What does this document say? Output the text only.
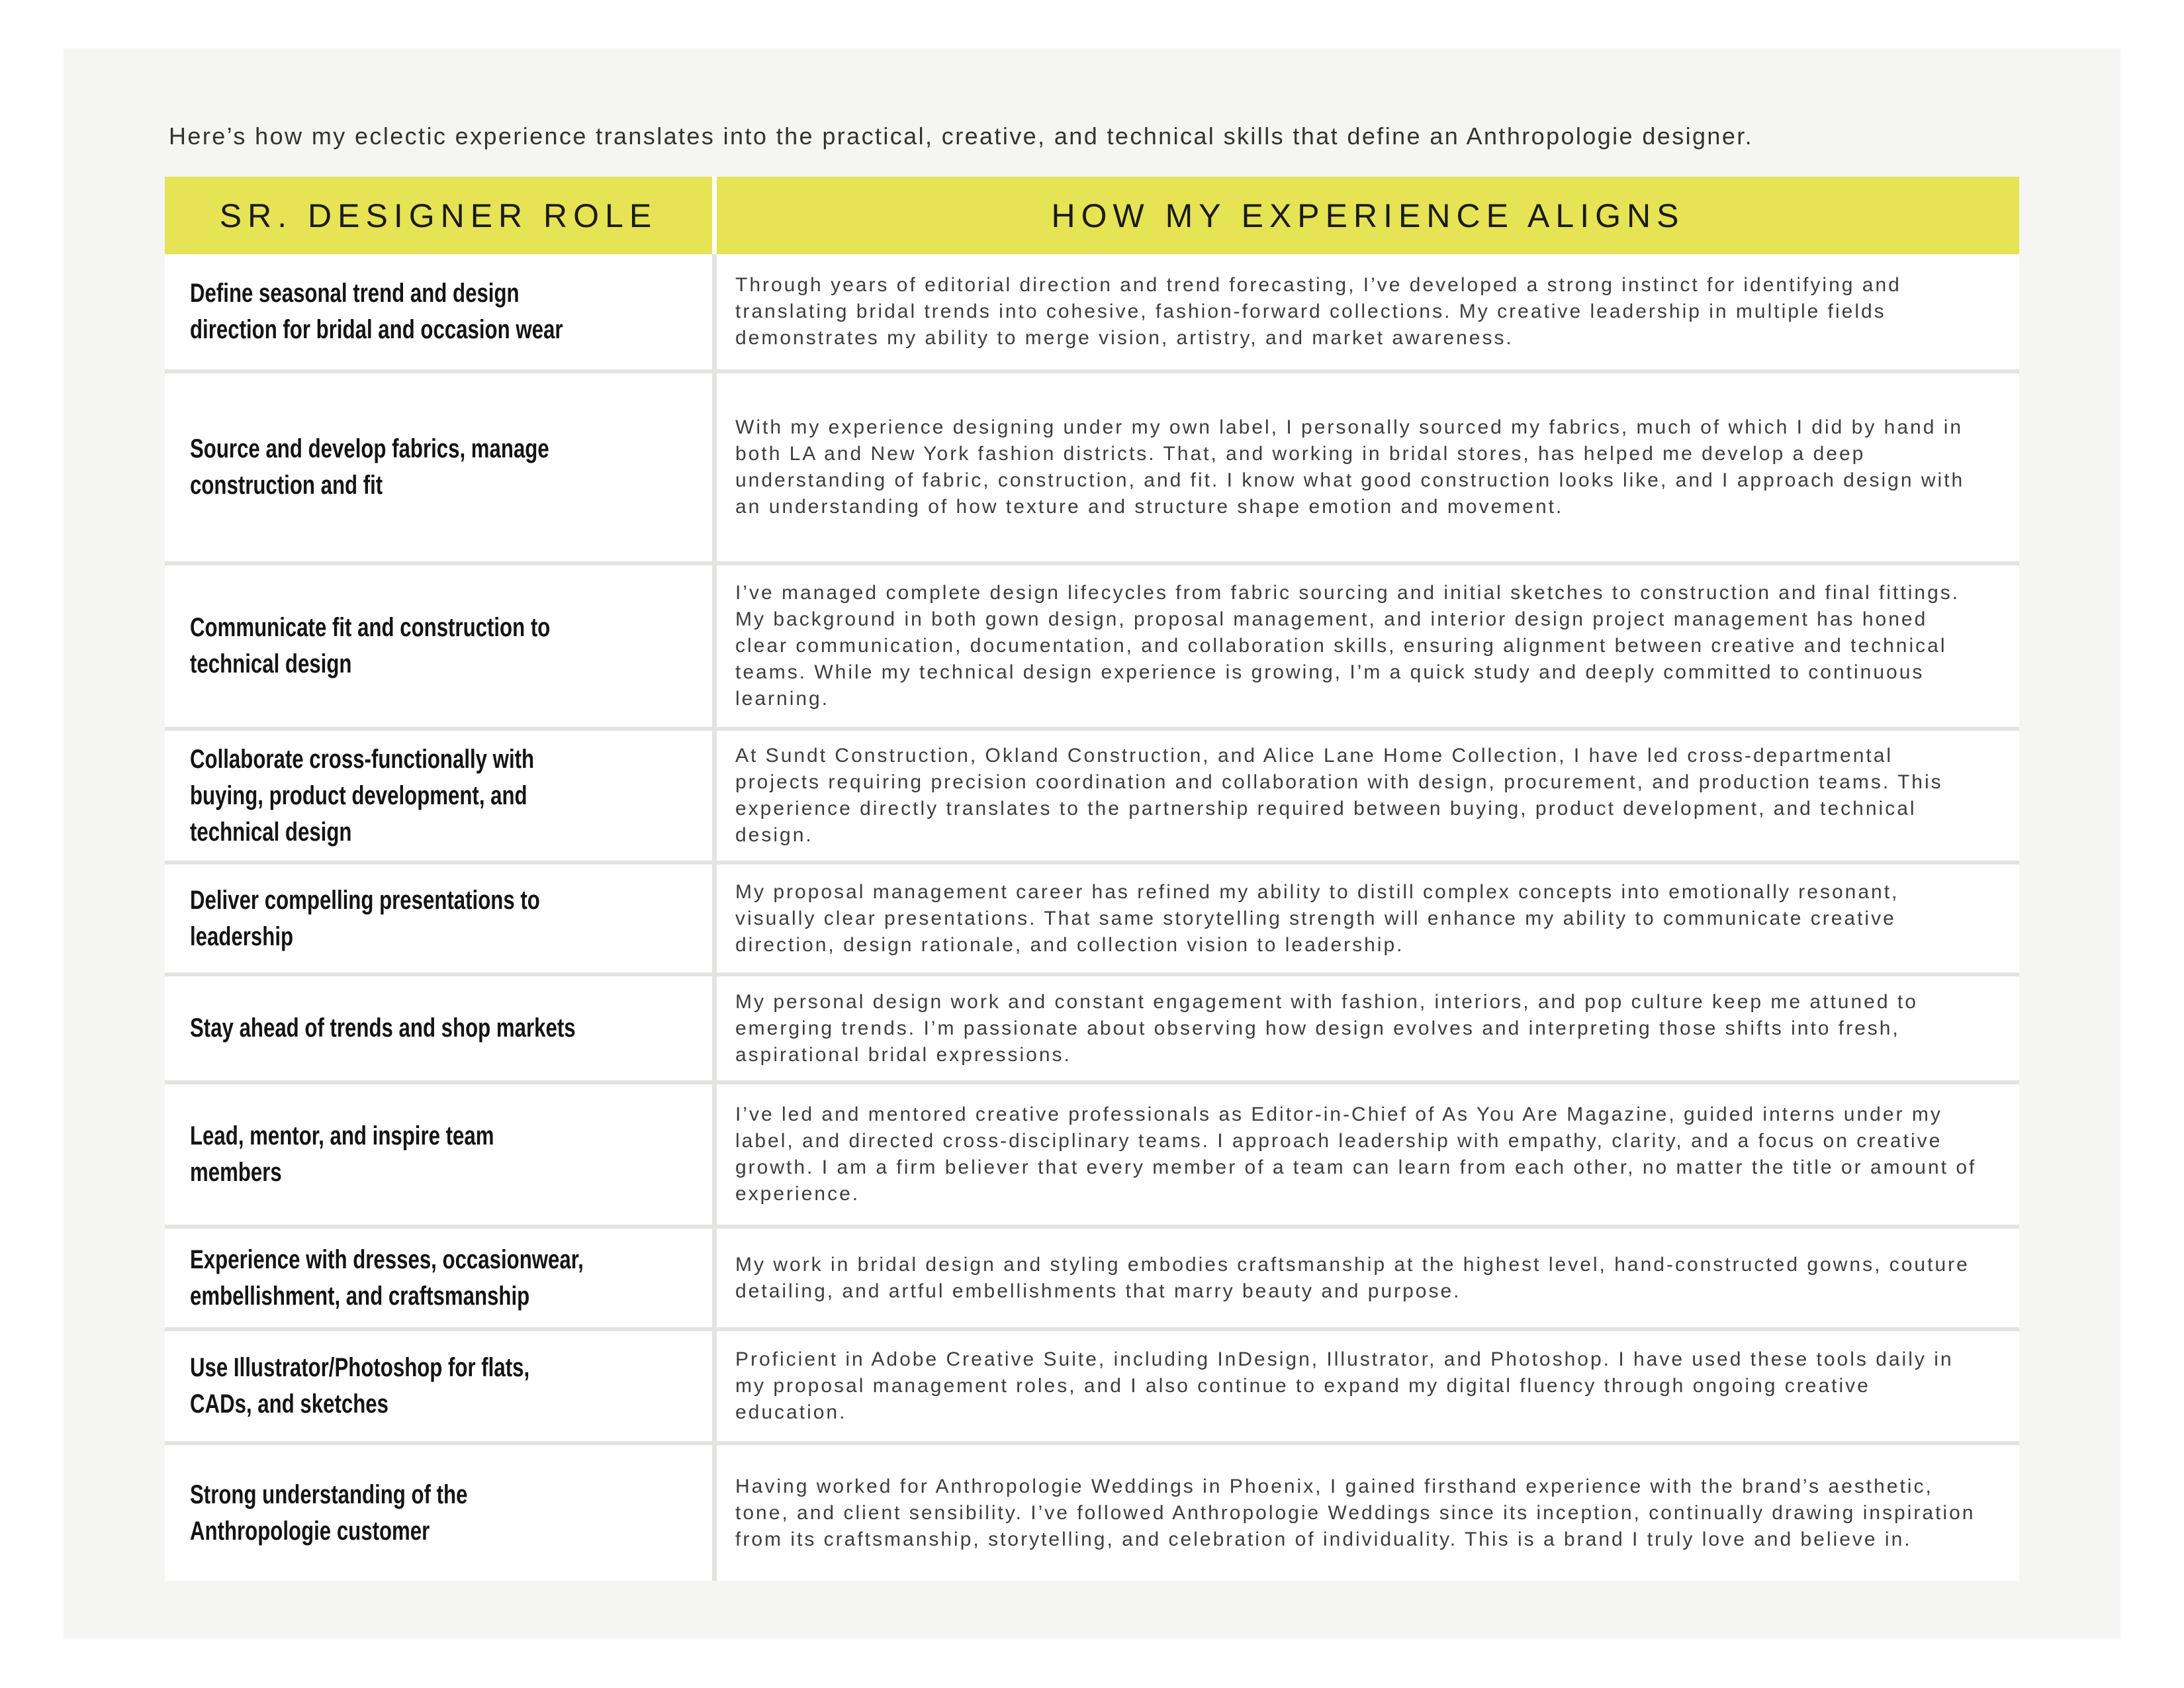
Here’s how my eclectic experience translates into the practical, creative, and technical skills that define an Anthropologie designer.

SR. DESIGNER ROLE	HOW MY EXPERIENCE ALIGNS
Define seasonal trend and design direction for bridal and occasion wear

Through years of editorial direction and trend forecasting, I’ve developed a strong instinct for identifying and translating bridal trends into cohesive, fashion-forward collections. My creative leadership in multiple fields demonstrates my ability to merge vision, artistry, and market awareness.

Source and develop fabrics, manage construction and fit

With my experience designing under my own label, I personally sourced my fabrics, much of which I did by hand in both LA and New York fashion districts. That, and working in bridal stores, has helped me develop a deep understanding of fabric, construction, and fit. I know what good construction looks like, and I approach design with an understanding of how texture and structure shape emotion and movement.

Communicate fit and construction to technical design

I’ve managed complete design lifecycles from fabric sourcing and initial sketches to construction and final fittings. My background in both gown design, proposal management, and interior design project management has honed clear communication, documentation, and collaboration skills, ensuring alignment between creative and technical teams. While my technical design experience is growing, I’m a quick study and deeply committed to continuous learning.

Collaborate cross-functionally with buying, product development, and technical design

At Sundt Construction, Okland Construction, and Alice Lane Home Collection, I have led cross-departmental projects requiring precision coordination and collaboration with design, procurement, and production teams. This experience directly translates to the partnership required between buying, product development, and technical design.

Deliver compelling presentations to leadership

My proposal management career has refined my ability to distill complex concepts into emotionally resonant, visually clear presentations. That same storytelling strength will enhance my ability to communicate creative direction, design rationale, and collection vision to leadership.

Stay ahead of trends and shop markets

My personal design work and constant engagement with fashion, interiors, and pop culture keep me attuned to emerging trends. I’m passionate about observing how design evolves and interpreting those shifts into fresh, aspirational bridal expressions.

Lead, mentor, and inspire team members

I’ve led and mentored creative professionals as Editor-in-Chief of As You Are Magazine, guided interns under my label, and directed cross-disciplinary teams. I approach leadership with empathy, clarity, and a focus on creative growth. I am a firm believer that every member of a team can learn from each other, no matter the title or amount of experience.

Experience with dresses, occasionwear, embellishment, and craftsmanship

My work in bridal design and styling embodies craftsmanship at the highest level, hand-constructed gowns, couture detailing, and artful embellishments that marry beauty and purpose.

Use Illustrator/Photoshop for flats, CADs, and sketches

Proficient in Adobe Creative Suite, including InDesign, Illustrator, and Photoshop. I have used these tools daily in my proposal management roles, and I also continue to expand my digital fluency through ongoing creative education.

Strong understanding of the Anthropologie customer

Having worked for Anthropologie Weddings in Phoenix, I gained firsthand experience with the brand’s aesthetic, tone, and client sensibility. I’ve followed Anthropologie Weddings since its inception, continually drawing inspiration from its craftsmanship, storytelling, and celebration of individuality. This is a brand I truly love and believe in.
